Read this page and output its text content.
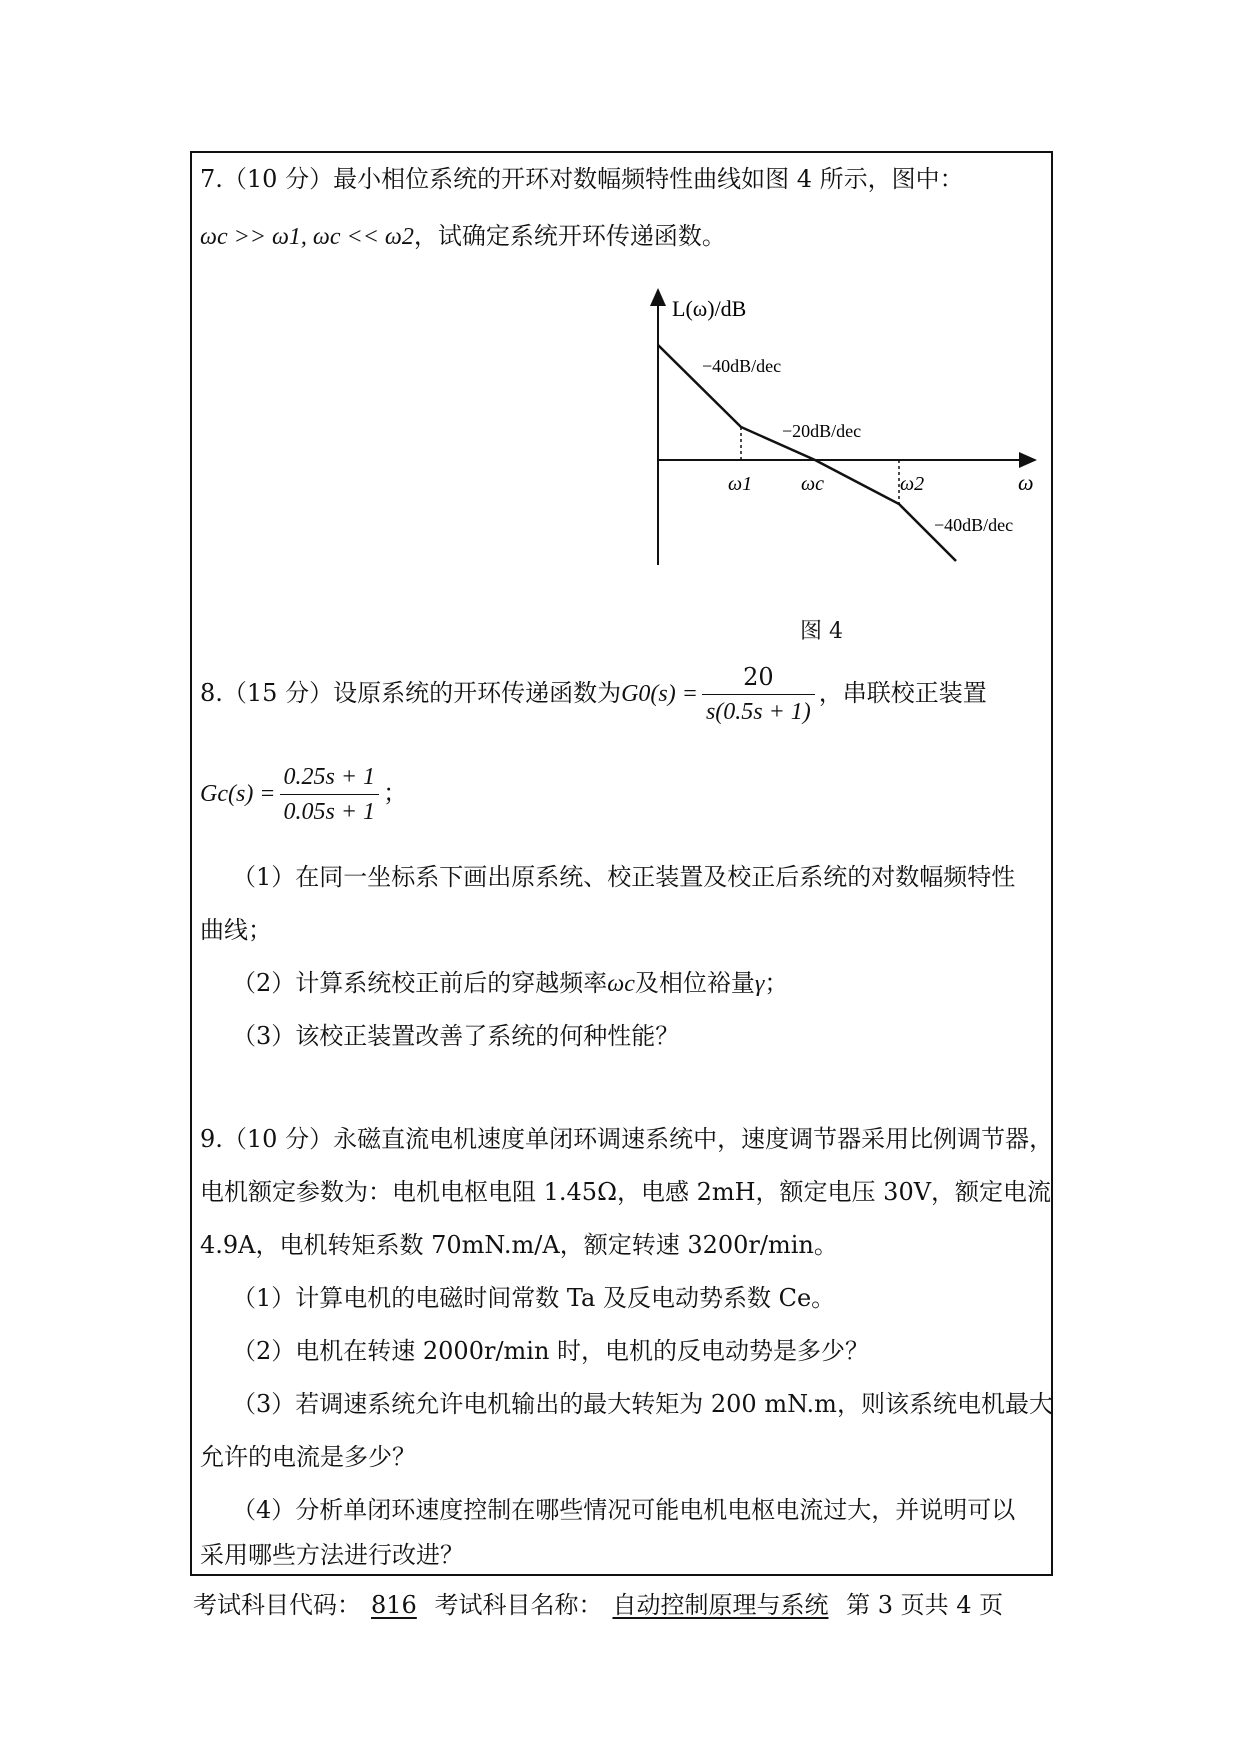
7.（10 分）最小相位系统的开环对数幅频特性曲线如图 4 所示，图中：
ωc >> ω1, ωc << ω2，试确定系统开环传递函数。
L(ω)/dB
ω
−40dB/dec
−20dB/dec
−40dB/dec
ω1 ωc	ω2
图 4
8.（15 分）设原系统的开环传递函数为$G0(s) = \frac{20}{s(0.5s + 1)}$ ，串联校正装置
$Gc(s) = \frac{0.25s + 1}{0.05s + 1}$ ；
（1）在同一坐标系下画出原系统、校正装置及校正后系统的对数幅频特性
曲线；
（2）计算系统校正前后的穿越频率ωc及相位裕量γ；
（3）该校正装置改善了系统的何种性能？
9.（10 分）永磁直流电机速度单闭环调速系统中，速度调节器采用比例调节器，
电机额定参数为：电机电枢电阻 1.45Ω，电感 2mH，额定电压 30V，额定电流
4.9A，电机转矩系数 70mN.m/A，额定转速 3200r/min。
（1）计算电机的电磁时间常数 Ta 及反电动势系数 Ce。
（2）电机在转速 2000r/min 时，电机的反电动势是多少？
（3）若调速系统允许电机输出的最大转矩为 200 mN.m，则该系统电机最大
允许的电流是多少？
（4）分析单闭环速度控制在哪些情况可能电机电枢电流过大，并说明可以
采用哪些方法进行改进？
考试科目代码： 816 考试科目名称： 自动控制原理与系统 第 3 页共 4 页
